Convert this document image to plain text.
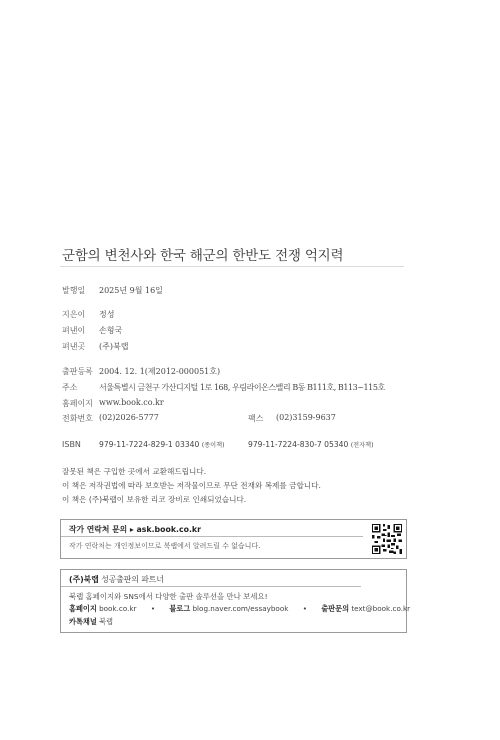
군함의 변천사와 한국 해군의 한반도 전쟁 억지력
발행일 2025년 9월 16일
지은이 정성
펴낸이 손형국
펴낸곳 (주)북랩
출판등록 2004. 12. 1(제2012-000051호)
주소	서울특별시 금천구 가산디지털 1로 168, 우림라이온스밸리 B동 B111호, B113~115호
홈페이지 www.book.co.kr
전화번호 (02)2026-5777	팩스 (02)3159-9637
ISBN 979-11-7224-829-1 03340 (종이책)	979-11-7224-830-7 05340 (전자책)
잘못된 책은 구입한 곳에서 교환해드립니다.
이 책은 저작권법에 따라 보호받는 저작물이므로 무단 전재와 복제를 금합니다.
이 책은 (주)북랩이 보유한 리코 장비로 인쇄되었습니다.
작가 연락처 문의 ▸ ask.book.co.kr
작가 연락처는 개인정보이므로 북랩에서 알려드릴 수 없습니다.
(주)북랩 성공출판의 파트너
북랩 홈페이지와 SNS에서 다양한 출판 솔루션을 만나 보세요!
홈페이지 book.co.kr • 블로그 blog.naver.com/essaybook • 출판문의 text@book.co.kr
카톡채널 북랩
